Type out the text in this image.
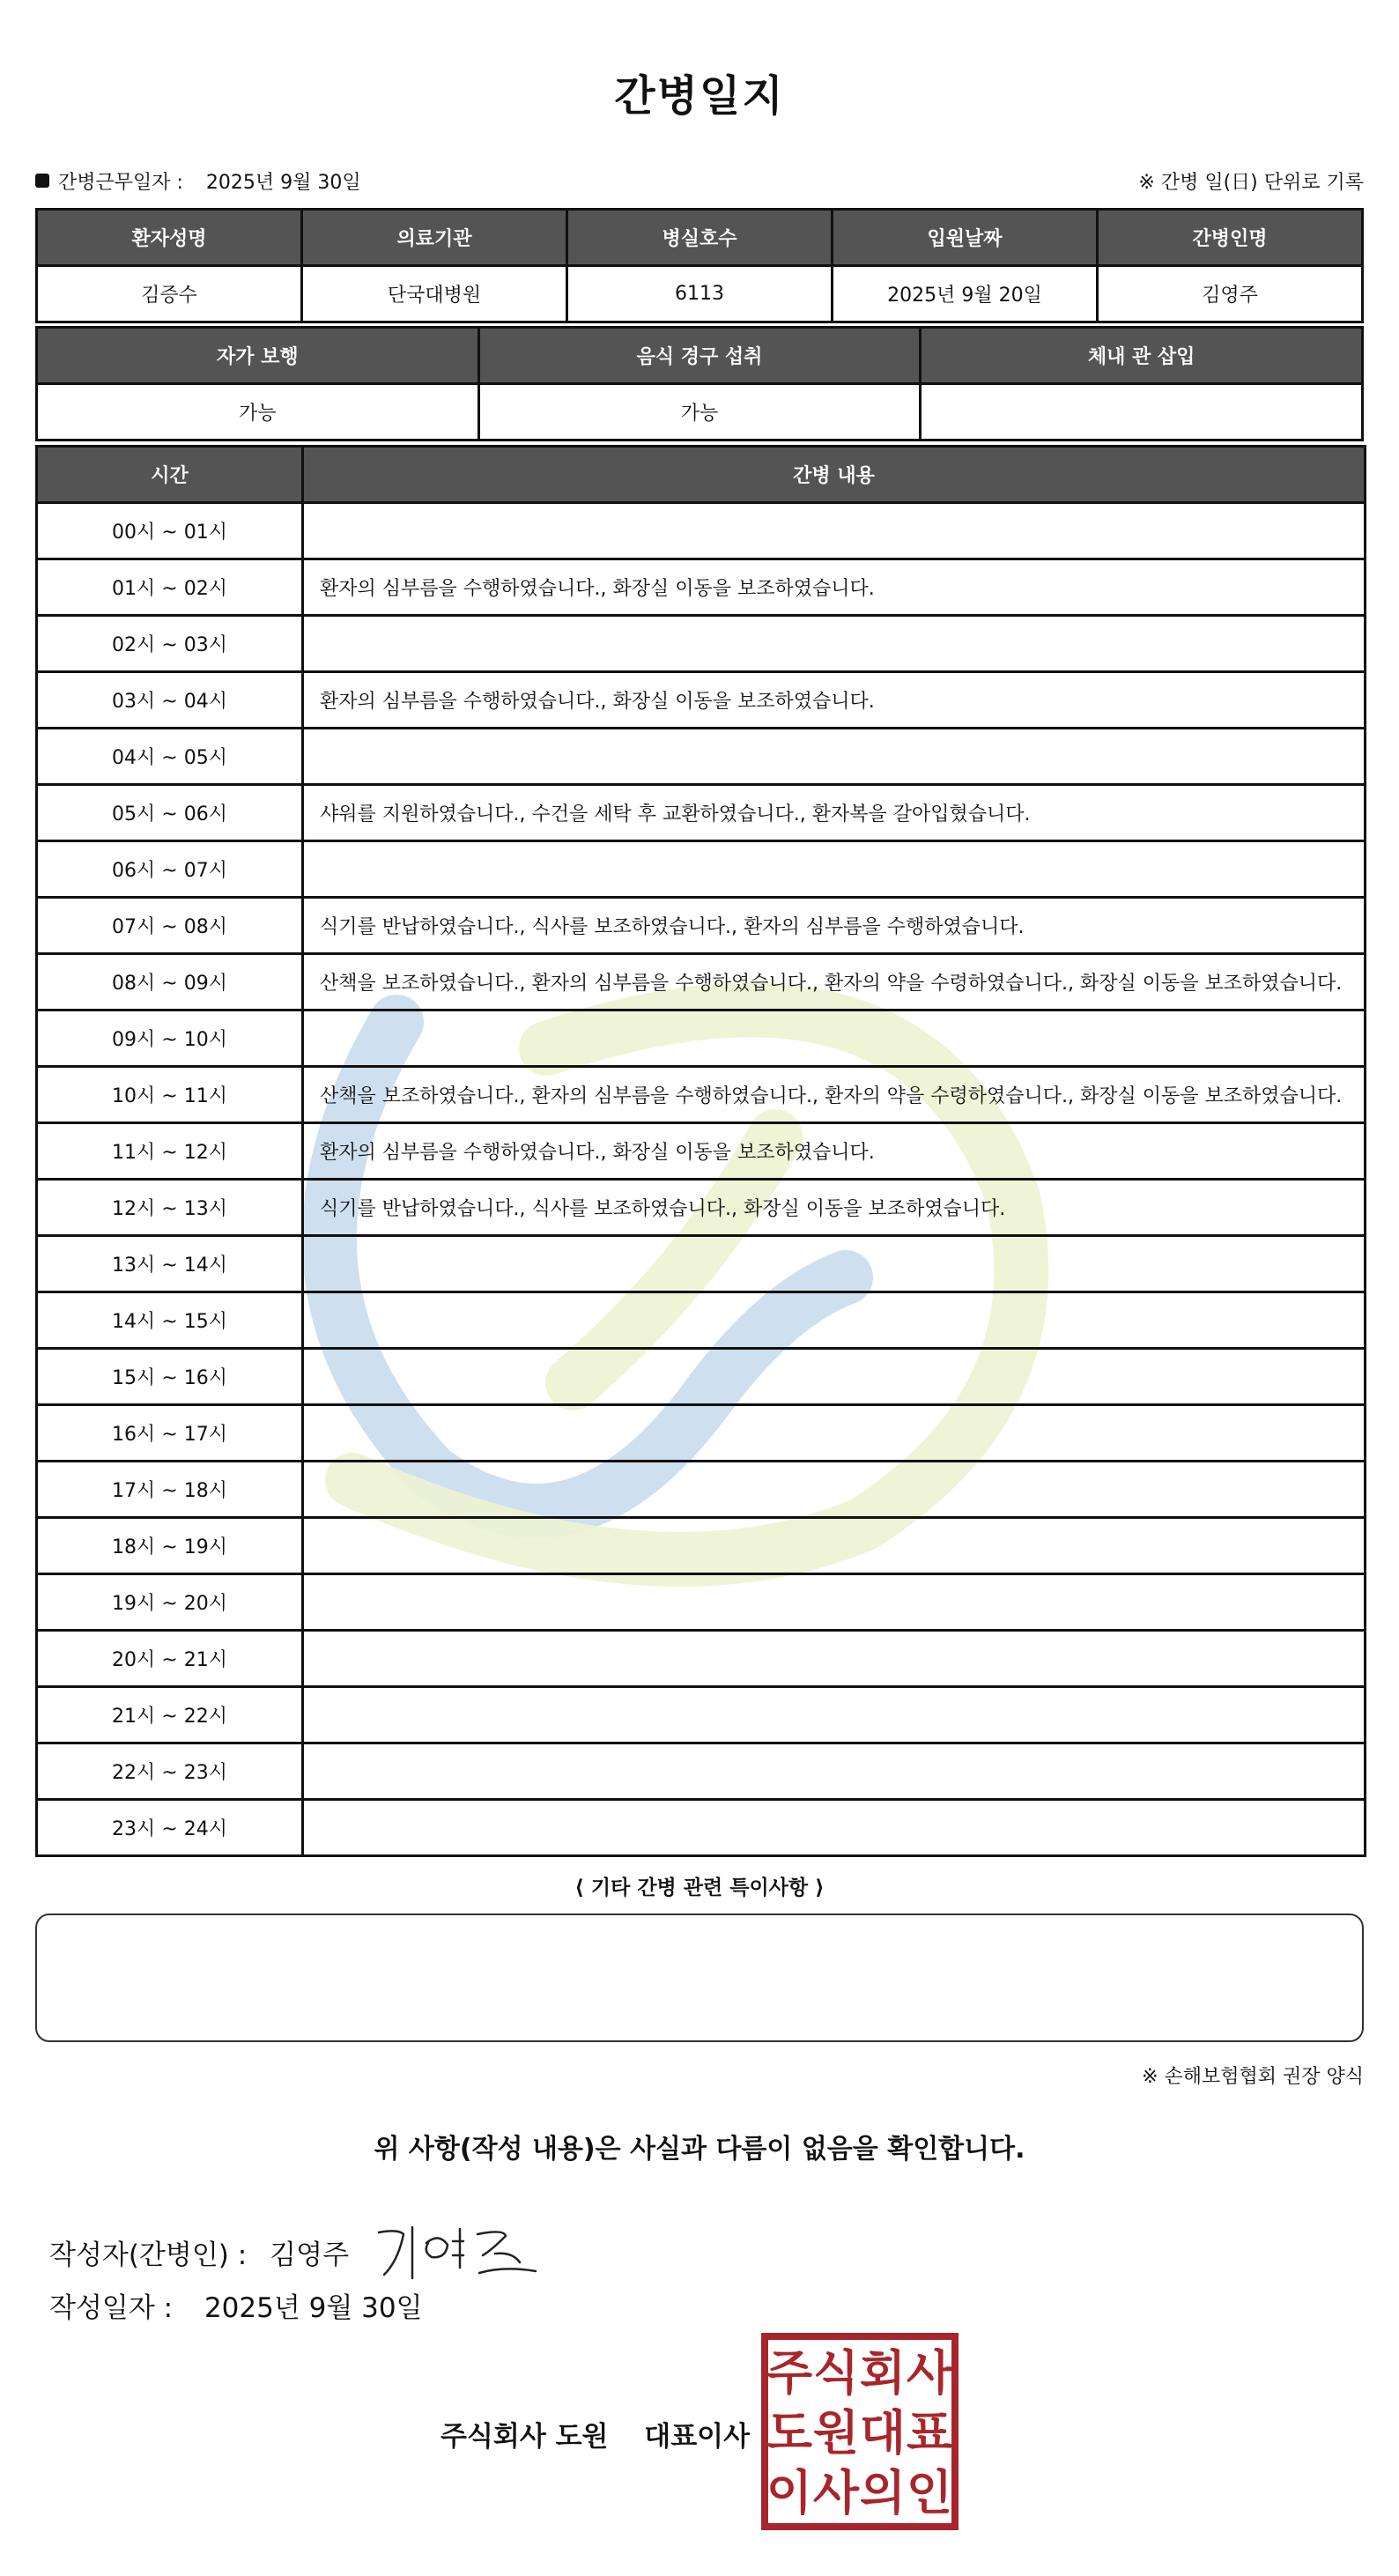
간병일지
간병근무일자 : 2025년 9월 30일	※ 간병 일(日) 단위로 기록
환자성명	의료기관	병실호수	입원날짜	간병인명
김증수	단국대병원	6113	2025년 9월 20일	김영주
자가 보행	음식 경구 섭취	체내 관 삽입
가능	가능	
시간	간병 내용
00시 ~ 01시	
01시 ~ 02시	환자의 심부름을 수행하였습니다., 화장실 이동을 보조하였습니다.
02시 ~ 03시	
03시 ~ 04시	환자의 심부름을 수행하였습니다., 화장실 이동을 보조하였습니다.
04시 ~ 05시	
05시 ~ 06시	샤워를 지원하였습니다., 수건을 세탁 후 교환하였습니다., 환자복을 갈아입혔습니다.
06시 ~ 07시	
07시 ~ 08시	식기를 반납하였습니다., 식사를 보조하였습니다., 환자의 심부름을 수행하였습니다.
08시 ~ 09시	산책을 보조하였습니다., 환자의 심부름을 수행하였습니다., 환자의 약을 수령하였습니다., 화장실 이동을 보조하였습니다.
09시 ~ 10시	
10시 ~ 11시	산책을 보조하였습니다., 환자의 심부름을 수행하였습니다., 환자의 약을 수령하였습니다., 화장실 이동을 보조하였습니다.
11시 ~ 12시	환자의 심부름을 수행하였습니다., 화장실 이동을 보조하였습니다.
12시 ~ 13시	식기를 반납하였습니다., 식사를 보조하였습니다., 화장실 이동을 보조하였습니다.
13시 ~ 14시	
14시 ~ 15시	
15시 ~ 16시	
16시 ~ 17시	
17시 ~ 18시	
18시 ~ 19시	
19시 ~ 20시	
20시 ~ 21시	
21시 ~ 22시	
22시 ~ 23시	
23시 ~ 24시	
⟨ 기타 간병 관련 특이사항 ⟩
※ 손해보험협회 권장 양식
위 사항(작성 내용)은 사실과 다름이 없음을 확인합니다.
작성자(간병인) : 김영주
작성일자 : 2025년 9월 30일
주식회사 도원 대표이사
주 식 회 사
도 원 대 표
이 사 의 인
